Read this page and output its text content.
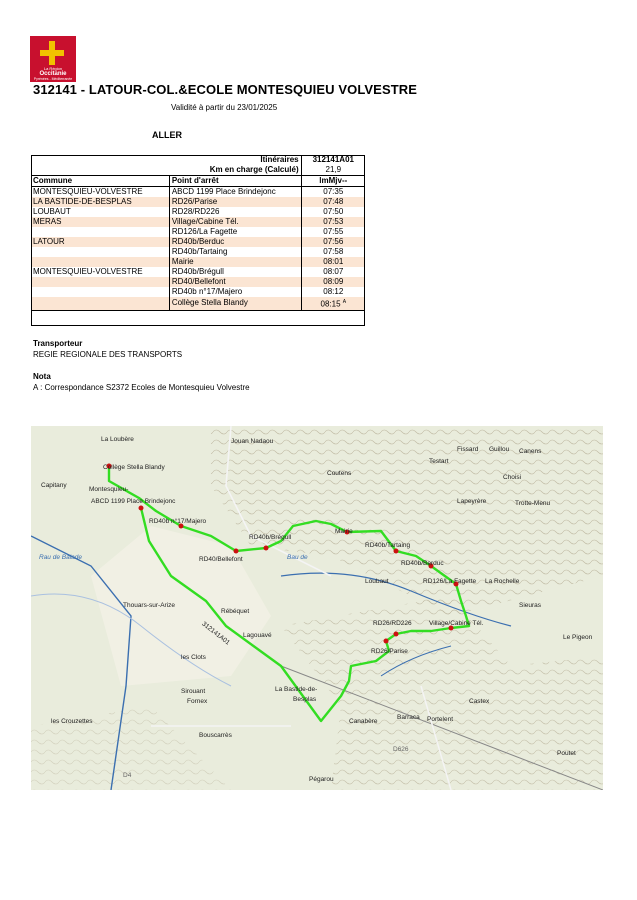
La Région
Occitanie
Pyrénées - Méditerranée
312141 - LATOUR-COL.&ECOLE MONTESQUIEU VOLVESTRE
Validité à partir du 23/01/2025
ALLER
	Itinéraires	312141A01
	Km en charge (Calculé)	21,9
Commune	Point d'arrêt	lmMjv--
MONTESQUIEU-VOLVESTRE	ABCD 1199 Place Brindejonc	07:35
LA BASTIDE-DE-BESPLAS	RD26/Parise	07:48
LOUBAUT	RD28/RD226	07:50
MERAS	Village/Cabine Tél.	07:53
	RD126/La Fagette	07:55
LATOUR	RD40b/Berduc	07:56
	RD40b/Tartaing	07:58
	Mairie	08:01
MONTESQUIEU-VOLVESTRE	RD40b/Brégull	08:07
	RD40/Bellefont	08:09
	RD40b n°17/Majero	08:12
	Collège Stella Blandy	08:15 $^A$
Transporteur
REGIE REGIONALE DES TRANSPORTS
Nota
A : Correspondance S2372 Ecoles de Montesquieu Volvestre
La Loubère	Jouan Nadaou
Testart
Fissard Guillou Canens
Capitany
Coutens
Choisi
Montesquieu-
Lapeyrère	Trotte-Menu
Rau de Balade	Bau de
Thouars-sur-Arize
Rébéquet
Loubaut	La Rochelle
Lagouavé
Sieuras
les Clots
Le Pigeon
Sirouant	La Bastide-de-
Fornex	Besplas	Castex
les Crouzettes	Canabère
Barraca Portelent
Bouscarrès
Pégarou
D4
Poutet
D626
Collège Stella Blandy
ABCD 1199 Place Brindejonc
RD40b n°17/Majero
RD40b/Brégull
RD40/Bellefont
Mairie
RD40b/Tartaing
RD40b/Berduc
RD126/La Fagette
RD26/RD226	Village/Cabine Tél.
RD26/Parise
312141A01
